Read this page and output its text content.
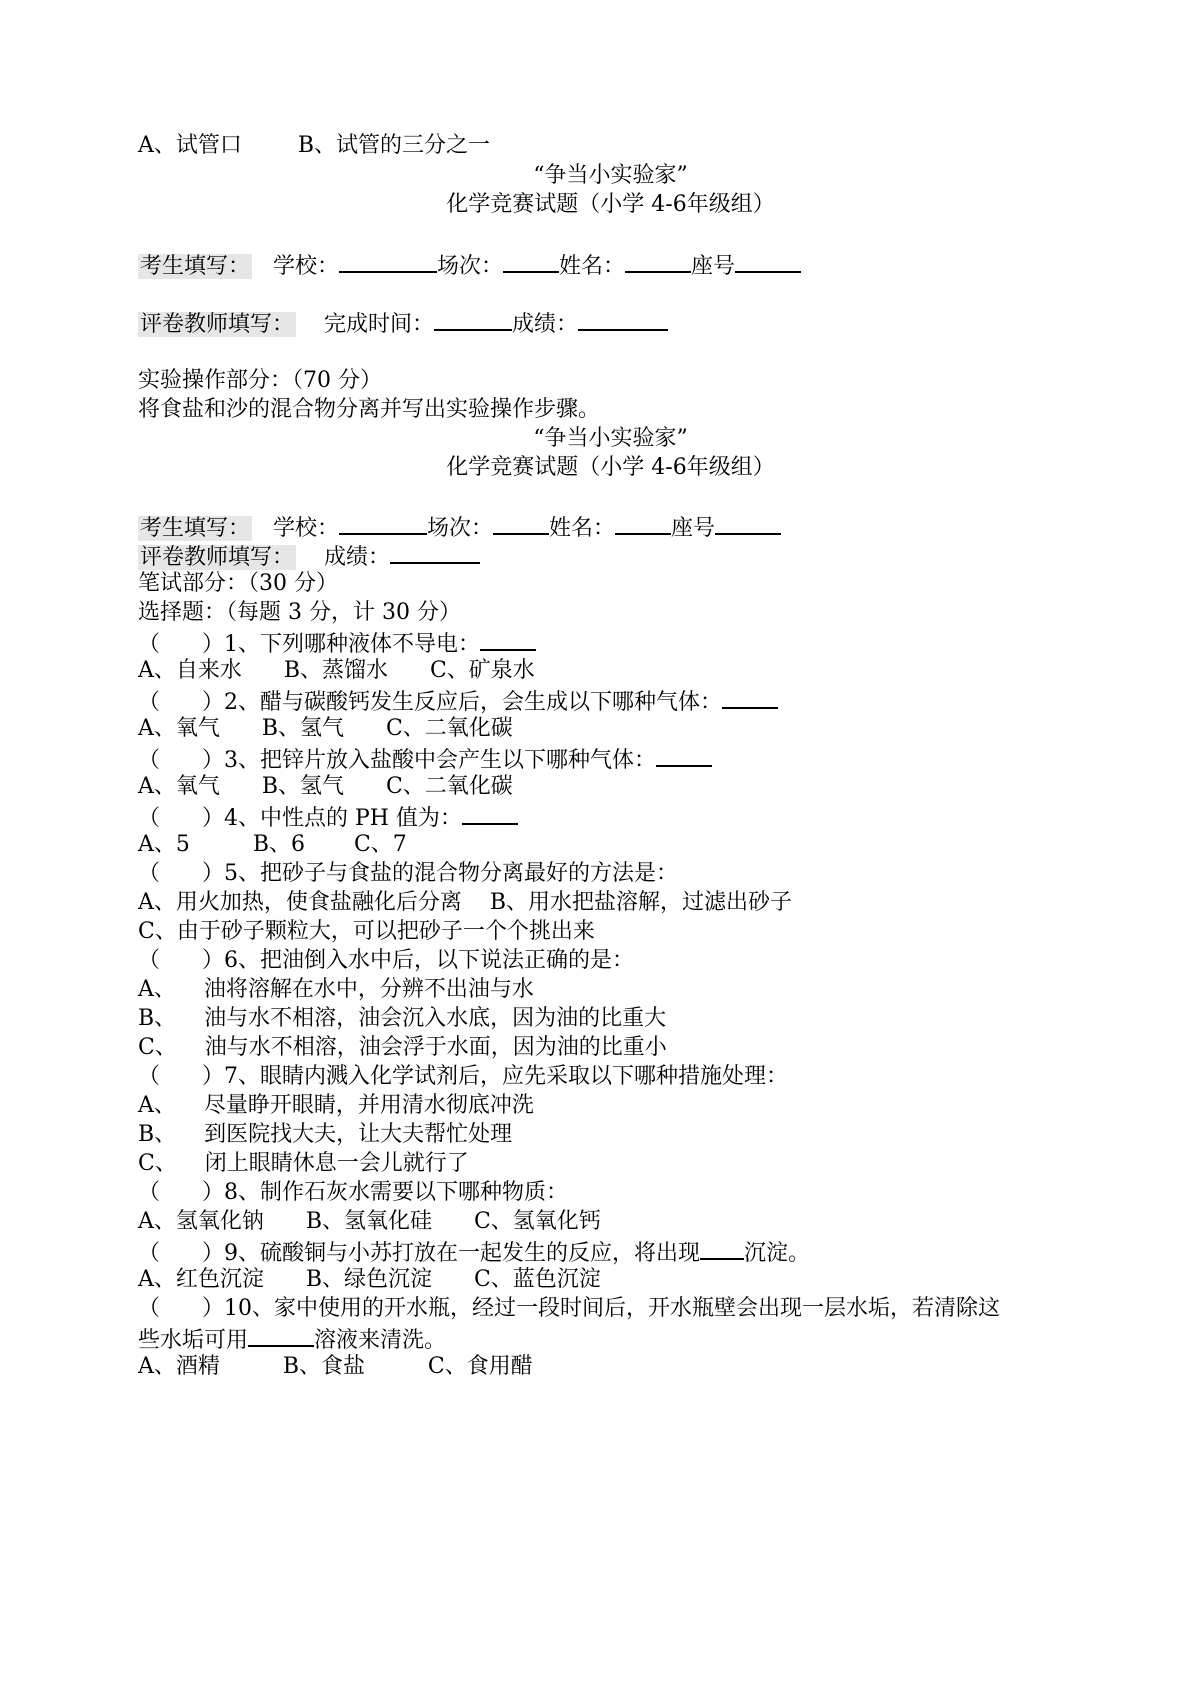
A、试管口        B、试管的三分之一
“争当小实验家”
化学竞赛试题（小学 4-6年级组）
考生填写： 学校：	场次：	姓名：	座号
评卷教师填写： 完成时间：	成绩：
实验操作部分：（70 分）
将食盐和沙的混合物分离并写出实验操作步骤。
“争当小实验家”
化学竞赛试题（小学 4-6年级组）
考生填写： 学校：	场次：	姓名：	座号
评卷教师填写： 成绩：
笔试部分：（30 分）
选择题：（每题 3 分，计 30 分）
（      ）1、下列哪种液体不导电：
A、自来水      B、蒸馏水      C、矿泉水
（      ）2、醋与碳酸钙发生反应后，会生成以下哪种气体：
A、氧气      B、氢气      C、二氧化碳
（      ）3、把锌片放入盐酸中会产生以下哪种气体：
A、氧气      B、氢气      C、二氧化碳
（      ）4、中性点的 PH 值为：
A、5         B、6       C、7
（      ）5、把砂子与食盐的混合物分离最好的方法是：
A、用火加热，使食盐融化后分离    B、用水把盐溶解，过滤出砂子
C、由于砂子颗粒大，可以把砂子一个个挑出来
（      ）6、把油倒入水中后，以下说法正确的是：
A、    油将溶解在水中，分辨不出油与水
B、    油与水不相溶，油会沉入水底，因为油的比重大
C、    油与水不相溶，油会浮于水面，因为油的比重小
（      ）7、眼睛内溅入化学试剂后，应先采取以下哪种措施处理：
A、    尽量睁开眼睛，并用清水彻底冲洗
B、    到医院找大夫，让大夫帮忙处理
C、    闭上眼睛休息一会儿就行了
（      ）8、制作石灰水需要以下哪种物质：
A、氢氧化钠      B、氢氧化硅      C、氢氧化钙
（      ）9、硫酸铜与小苏打放在一起发生的反应，将出现 沉淀。
A、红色沉淀      B、绿色沉淀      C、蓝色沉淀
（      ）10、家中使用的开水瓶，经过一段时间后，开水瓶壁会出现一层水垢，若清除这
些水垢可用	溶液来清洗。
A、酒精         B、食盐         C、食用醋
